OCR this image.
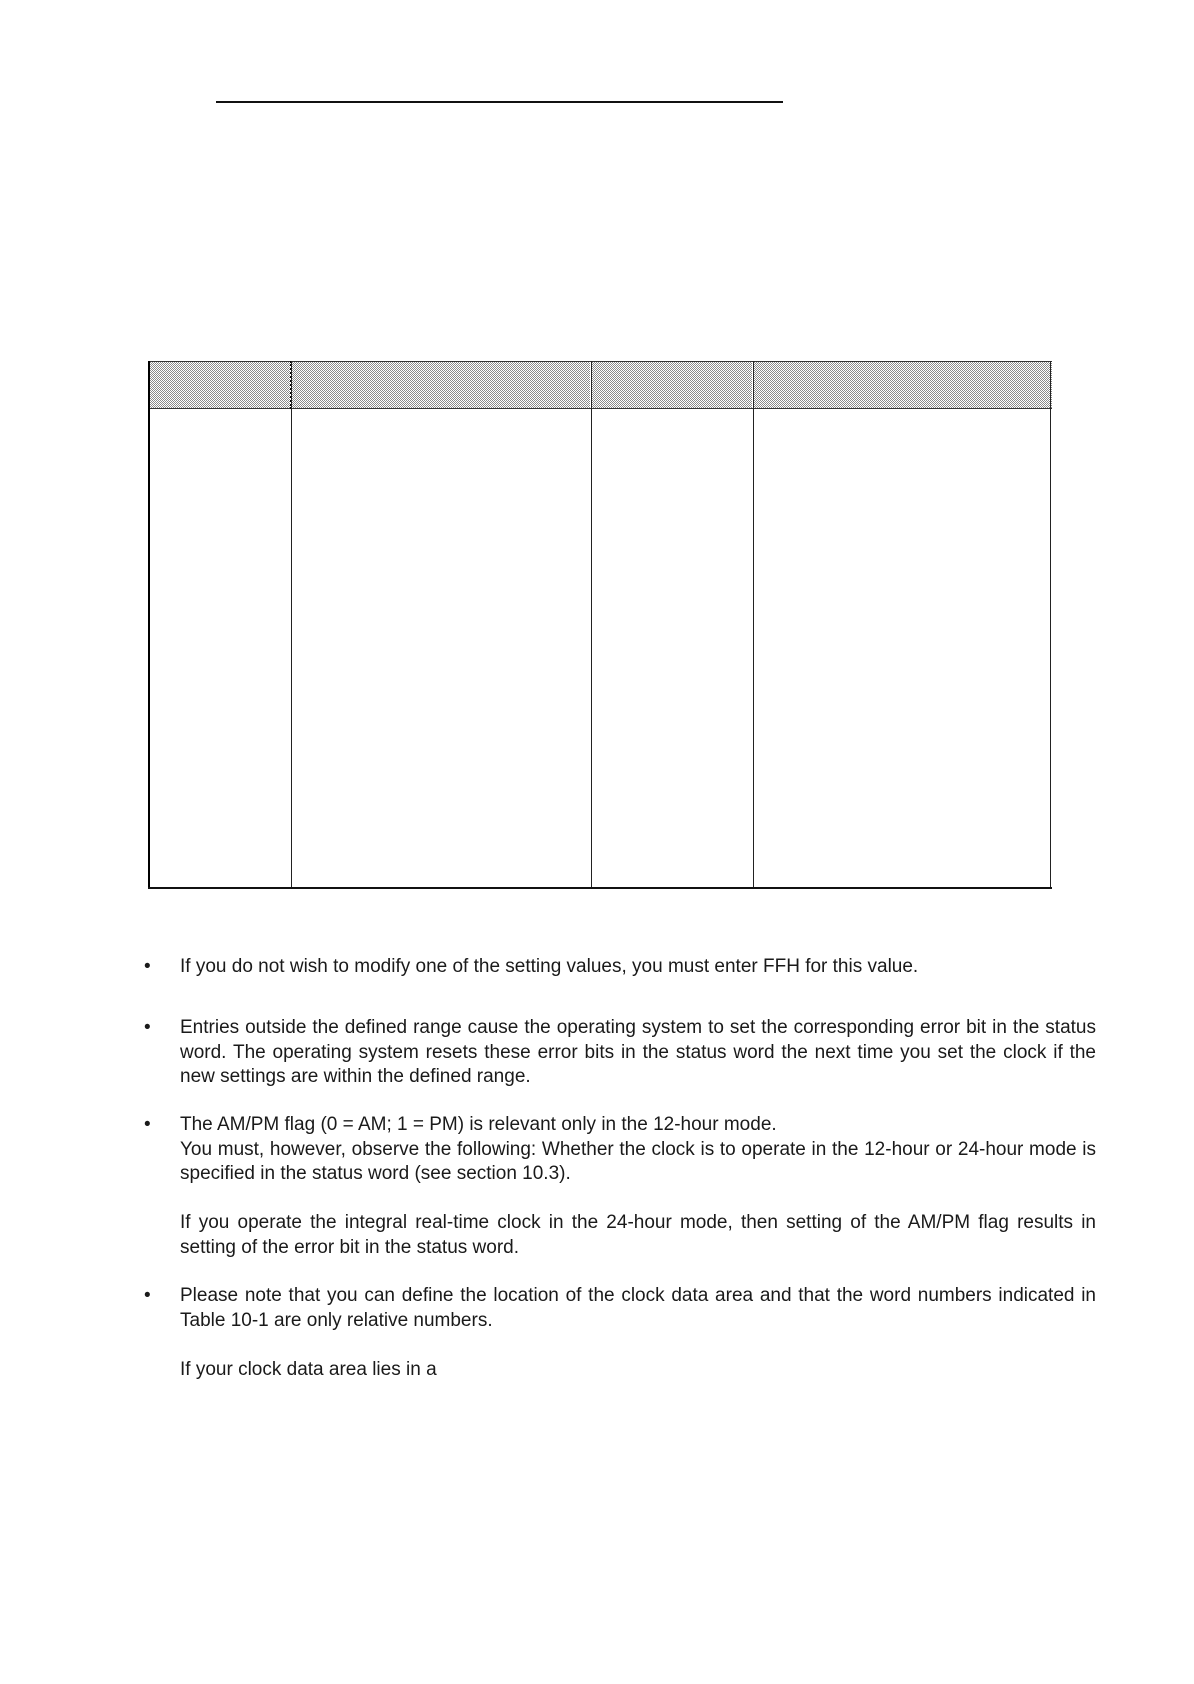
• If you do not wish to modify one of the setting values, you must enter FFH for this value.

• Entries outside the defined range cause the operating system to set the corresponding error bit in the status word. The operating system resets these error bits in the status word the next time you set the clock if the new settings are within the defined range.

• The AM/PM flag (0 = AM; 1 = PM) is relevant only in the 12-hour mode.

You must, however, observe the following: Whether the clock is to operate in the 12-hour or 24-hour mode is specified in the status word (see section 10.3).

If you operate the integral real-time clock in the 24-hour mode, then setting of the AM/PM flag results in setting of the error bit in the status word.

• Please note that you can define the location of the clock data area and that the word numbers indicated in Table 10-1 are only relative numbers.

If your clock data area lies in a
